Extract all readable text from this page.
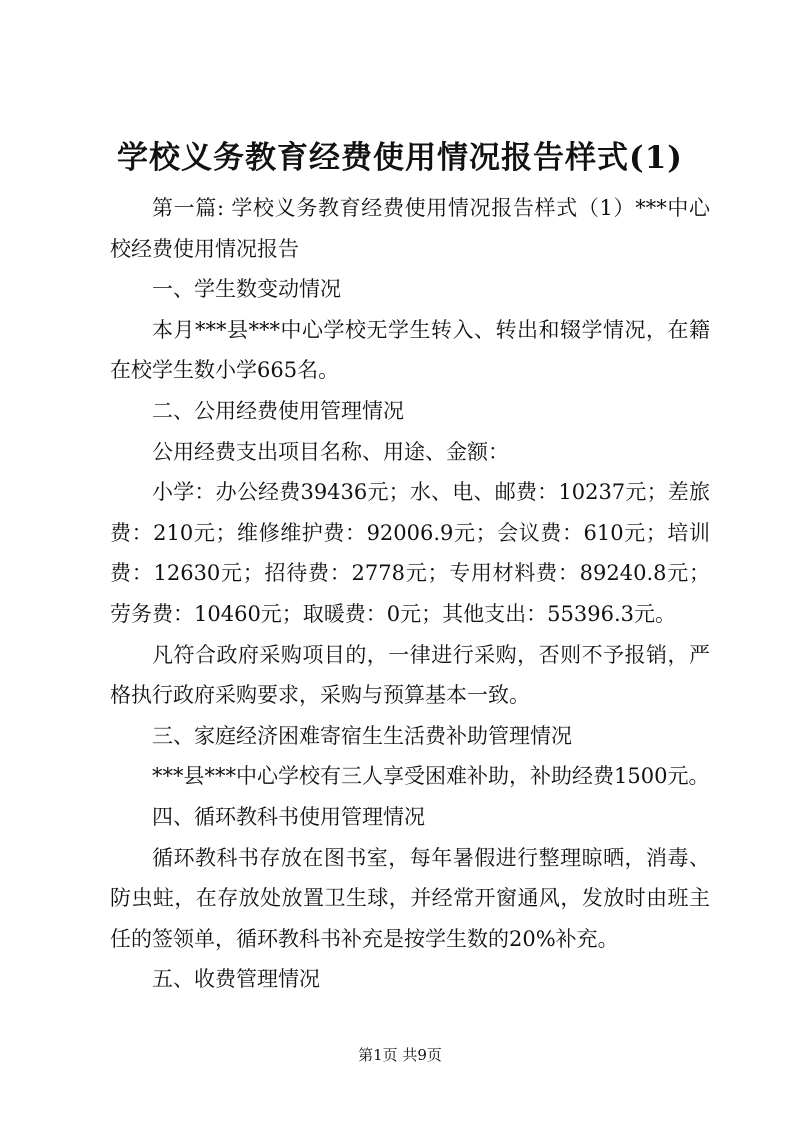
学校义务教育经费使用情况报告样式(1)

第一篇: 学校义务教育经费使用情况报告样式（1）***中心校经费使用情况报告

一、学生数变动情况

本月***县***中心学校无学生转入、转出和辍学情况，在籍在校学生数小学665名。

二、公用经费使用管理情况

公用经费支出项目名称、用途、金额：

小学：办公经费39436元；水、电、邮费：10237元；差旅费：210元；维修维护费：92006.9元；会议费：610元；培训费：12630元；招待费：2778元；专用材料费：89240.8元；劳务费：10460元；取暖费：0元；其他支出：55396.3元。

凡符合政府采购项目的，一律进行采购，否则不予报销，严格执行政府采购要求，采购与预算基本一致。

三、家庭经济困难寄宿生生活费补助管理情况

***县***中心学校有三人享受困难补助，补助经费1500元。

四、循环教科书使用管理情况

循环教科书存放在图书室，每年暑假进行整理晾晒，消毒、防虫蛀，在存放处放置卫生球，并经常开窗通风，发放时由班主任的签领单，循环教科书补充是按学生数的20%补充。

五、收费管理情况

第1页 共9页
